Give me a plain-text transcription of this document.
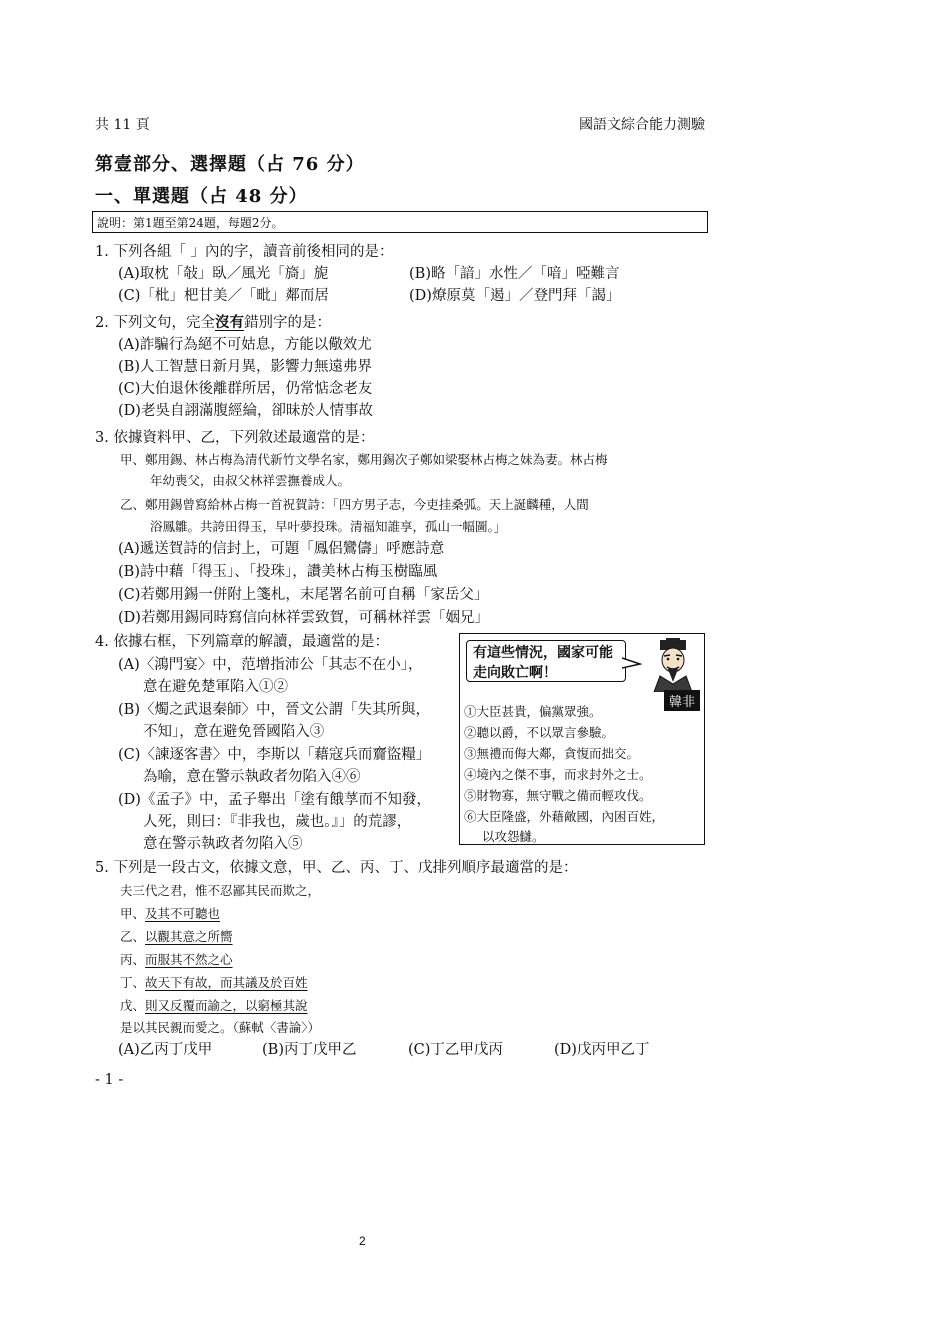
共 11 頁	國語文綜合能力測驗
第壹部分、選擇題（占 76 分）
一、單選題（占 48 分）
說明：第1題至第24題，每題2分。
1. 下列各組「 」內的字，讀音前後相同的是：
(A)取枕「敧」臥／風光「旖」旎	(B)略「諳」水性／「喑」啞難言
(C)「枇」杷甘美／「毗」鄰而居	(D)燎原莫「遏」／登門拜「謁」
2. 下列文句，完全沒有錯別字的是：
(A)詐騙行為絕不可姑息，方能以儆效尤
(B)人工智慧日新月異，影響力無遠弗界
(C)大伯退休後離群所居，仍常惦念老友
(D)老吳自詡滿腹經綸，卻昧於人情事故
3. 依據資料甲、乙，下列敘述最適當的是：
甲、鄭用錫、林占梅為清代新竹文學名家，鄭用錫次子鄭如梁娶林占梅之妹為妻。林占梅
年幼喪父，由叔父林祥雲撫養成人。
乙、鄭用錫曾寫給林占梅一首祝賀詩：「四方男子志，今吏挂桑弧。天上誕麟種，人間
浴鳳雛。共誇田得玉，早叶夢投珠。清福知誰享，孤山一幅圖。」
(A)遞送賀詩的信封上，可題「鳳侶鸞儔」呼應詩意
(B)詩中藉「得玉」、「投珠」，讚美林占梅玉樹臨風
(C)若鄭用錫一併附上箋札，末尾署名前可自稱「家岳父」
(D)若鄭用錫同時寫信向林祥雲致賀，可稱林祥雲「姻兄」
4. 依據右框，下列篇章的解讀，最適當的是：
(A)〈鴻門宴〉中，范增指沛公「其志不在小」，
意在避免楚軍陷入①②
(B)〈燭之武退秦師〉中，晉文公謂「失其所與，
不知」，意在避免晉國陷入③
(C)〈諫逐客書〉中，李斯以「藉寇兵而齎盜糧」
為喻，意在警示執政者勿陷入④⑥
(D)《孟子》中，孟子舉出「塗有餓莩而不知發，
人死，則曰：『非我也，歲也。』」的荒謬，
意在警示執政者勿陷入⑤
有這些情況，國家可能走向敗亡啊！
韓非
①大臣甚貴，偏黨眾強。
②聽以爵，不以眾言參驗。
③無禮而侮大鄰，貪愎而拙交。
④境內之傑不事，而求封外之士。
⑤財物寡，無守戰之備而輕攻伐。
⑥大臣隆盛，外藉敵國，內困百姓，
以攻怨讎。
5. 下列是一段古文，依據文意，甲、乙、丙、丁、戊排列順序最適當的是：
夫三代之君，惟不忍鄙其民而欺之，
甲、及其不可聽也
乙、以觀其意之所嚮
丙、而服其不然之心
丁、故天下有故，而其議及於百姓
戊、則又反覆而諭之，以窮極其說
是以其民親而愛之。（蘇軾〈書論〉）
(A)乙丙丁戊甲	(B)丙丁戊甲乙	(C)丁乙甲戊丙	(D)戊丙甲乙丁
- 1 -
2
